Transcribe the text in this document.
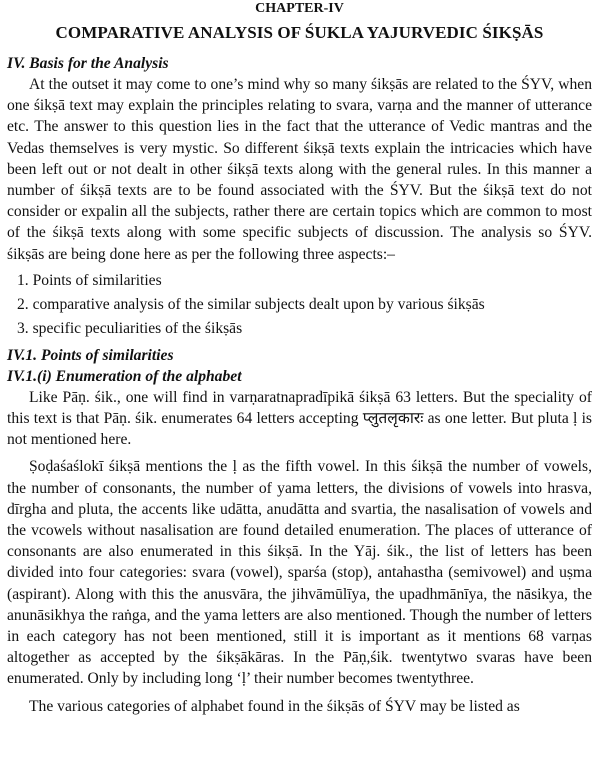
CHAPTER-IV
COMPARATIVE ANALYSIS OF ŚUKLA YAJURVEDIC ŚIKṢĀS
IV. Basis for the Analysis

At the outset it may come to one’s mind why so many śikṣās are related to the ŚYV, when one śikṣā text may explain the principles relating to svara, varṇa and the manner of utterance etc. The answer to this question lies in the fact that the utterance of Vedic mantras and the Vedas themselves is very mystic. So different śikṣā texts explain the intricacies which have been left out or not dealt in other śikṣā texts along with the general rules. In this manner a number of śikṣā texts are to be found associated with the ŚYV. But the śikṣā text do not consider or expalin all the subjects, rather there are certain topics which are common to most of the śikṣā texts along with some specific subjects of discussion. The analysis so ŚYV. śikṣās are being done here as per the following three aspects:–

1. Points of similarities
2. comparative analysis of the similar subjects dealt upon by various śikṣās
3. specific peculiarities of the śikṣās
IV.1. Points of similarities
IV.1.(i) Enumeration of the alphabet

Like Pāṇ. śik., one will find in varṇaratnapradīpikā śikṣā 63 letters. But the speciality of this text is that Pāṇ. śik. enumerates 64 letters accepting प्लुतलृकारः as one letter. But pluta ḷ is not mentioned here.

Ṣoḍaśaślokī śikṣā mentions the ḷ as the fifth vowel. In this śikṣā the number of vowels, the number of consonants, the number of yama letters, the divisions of vowels into hrasva, dīrgha and pluta, the accents like udātta, anudātta and svartia, the nasalisation of vowels and the vcowels without nasalisation are found detailed enumeration. The places of utterance of consonants are also enumerated in this śikṣā. In the Yāj. śik., the list of letters has been divided into four categories: svara (vowel), sparśa (stop), antahastha (semivowel) and uṣma (aspirant). Along with this the anusvāra, the jihvāmūlīya, the upadhmānīya, the nāsikya, the anunāsikhya the raṅga, and the yama letters are also mentioned. Though the number of letters in each category has not been mentioned, still it is important as it mentions 68 varṇas altogether as accepted by the śikṣākāras. In the Pāṇ,śik. twentytwo svaras have been enumerated. Only by including long ‘ḷ’ their number becomes twentythree.

The various categories of alphabet found in the śikṣās of ŚYV may be listed as
